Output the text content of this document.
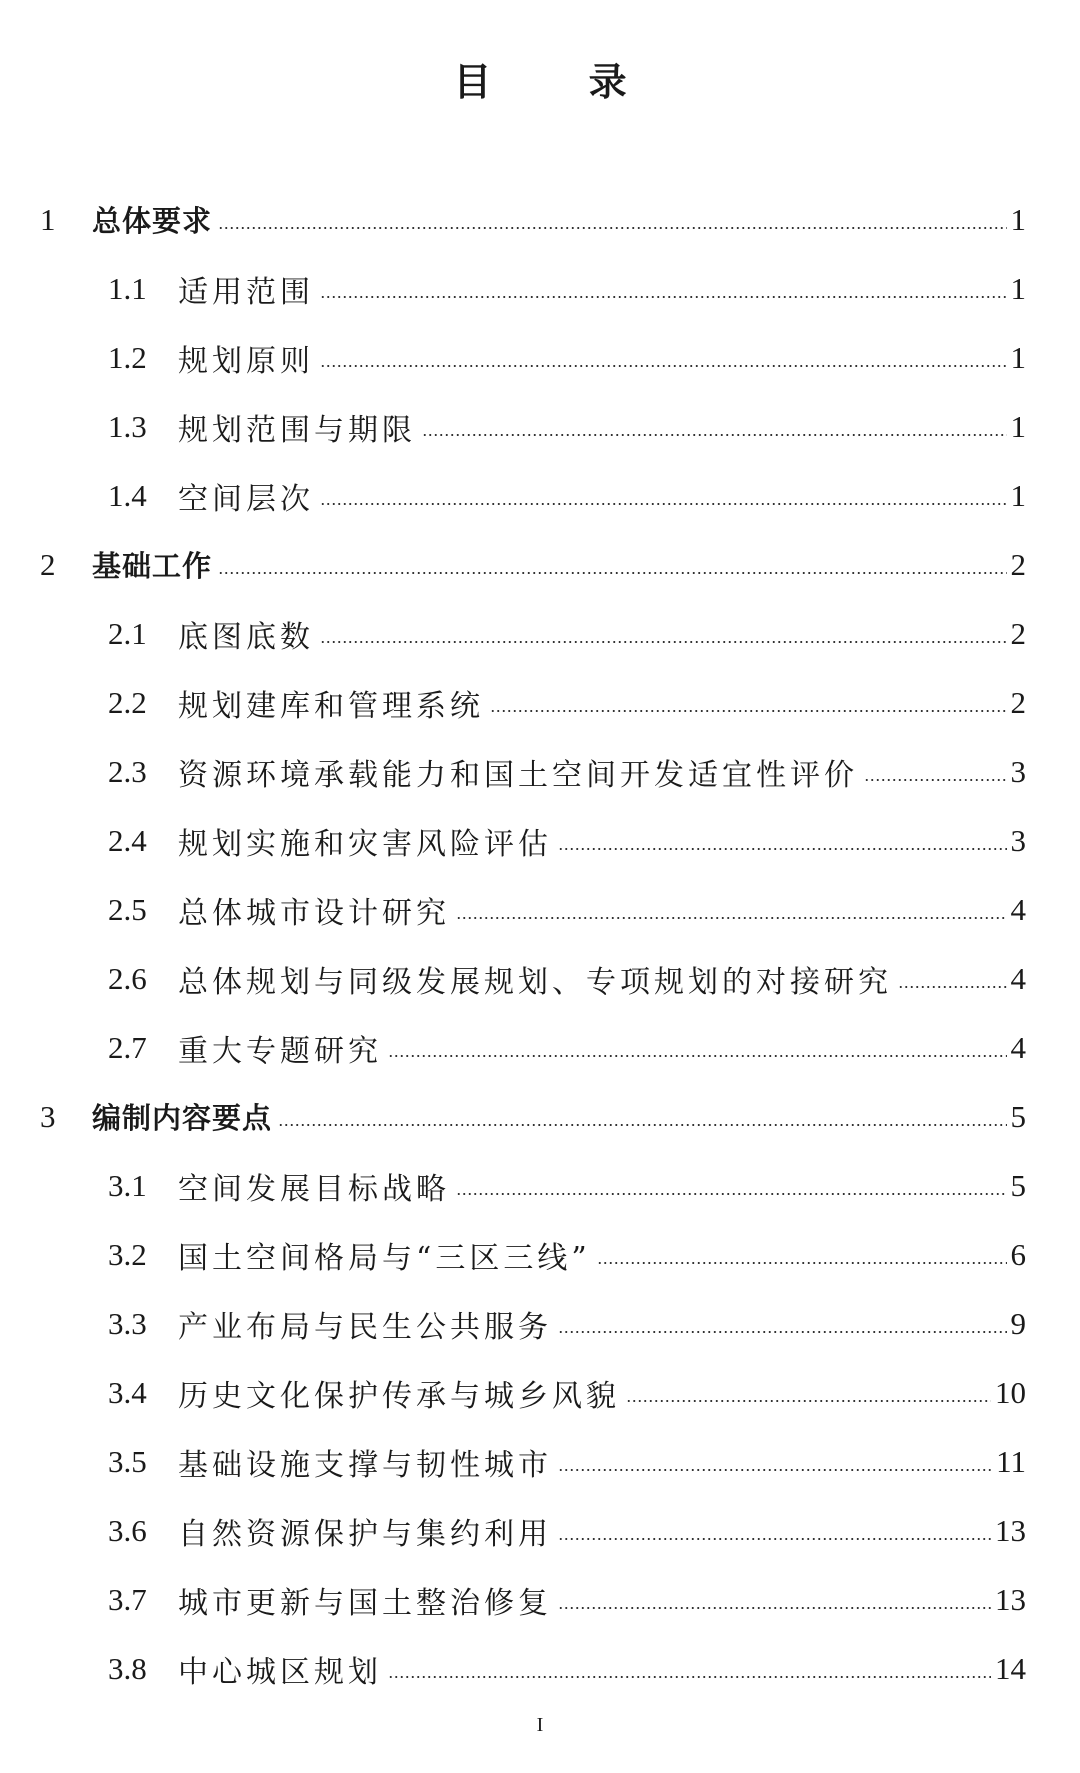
目 录
1	总体要求	1
1.1	适用范围	1
1.2	规划原则	1
1.3	规划范围与期限	1
1.4	空间层次	1
2	基础工作	2
2.1	底图底数	2
2.2	规划建库和管理系统	2
2.3	资源环境承载能力和国土空间开发适宜性评价	3
2.4	规划实施和灾害风险评估	3
2.5	总体城市设计研究	4
2.6	总体规划与同级发展规划、专项规划的对接研究	4
2.7	重大专题研究	4
3	编制内容要点	5
3.1	空间发展目标战略	5
3.2	国土空间格局与“三区三线”	6
3.3	产业布局与民生公共服务	9
3.4	历史文化保护传承与城乡风貌	10
3.5	基础设施支撑与韧性城市	11
3.6	自然资源保护与集约利用	13
3.7	城市更新与国土整治修复	13
3.8	中心城区规划	14
I
